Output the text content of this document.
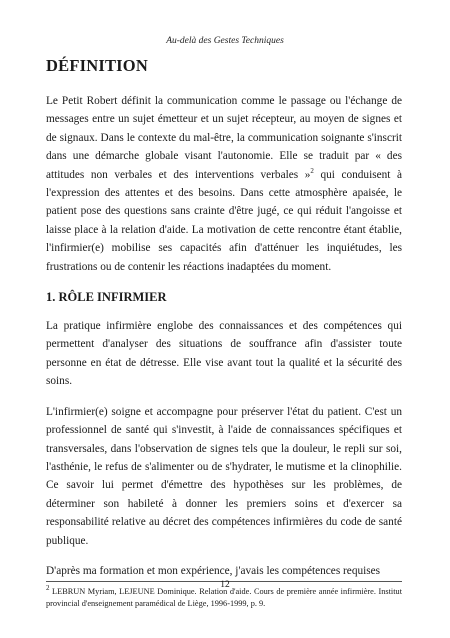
Au-delà des Gestes Techniques
DÉFINITION

Le Petit Robert définit la communication comme le passage ou l'échange de messages entre un sujet émetteur et un sujet récepteur, au moyen de signes et de signaux. Dans le contexte du mal-être, la communication soignante s'inscrit dans une démarche globale visant l'autonomie. Elle se traduit par « des attitudes non verbales et des interventions verbales »$^2$ qui conduisent à l'expression des attentes et des besoins. Dans cette atmosphère apaisée, le patient pose des questions sans crainte d'être jugé, ce qui réduit l'angoisse et laisse place à la relation d'aide. La motivation de cette rencontre étant établie, l'infirmier(e) mobilise ses capacités afin d'atténuer les inquiétudes, les frustrations ou de contenir les réactions inadaptées du moment.

1. RÔLE INFIRMIER

La pratique infirmière englobe des connaissances et des compétences qui permettent d'analyser des situations de souffrance afin d'assister toute personne en état de détresse. Elle vise avant tout la qualité et la sécurité des soins.

L'infirmier(e) soigne et accompagne pour préserver l'état du patient. C'est un professionnel de santé qui s'investit, à l'aide de connaissances spécifiques et transversales, dans l'observation de signes tels que la douleur, le repli sur soi, l'asthénie, le refus de s'alimenter ou de s'hydrater, le mutisme et la clinophilie. Ce savoir lui permet d'émettre des hypothèses sur les problèmes, de déterminer son habileté à donner les premiers soins et d'exercer sa responsabilité relative au décret des compétences infirmières du code de santé publique.

D'après ma formation et mon expérience, j'avais les compétences requises

$^2$ LEBRUN Myriam, LEJEUNE Dominique. Relation d'aide. Cours de première année infirmière. Institut provincial d'enseignement paramédical de Liège, 1996-1999, p. 9.

12
